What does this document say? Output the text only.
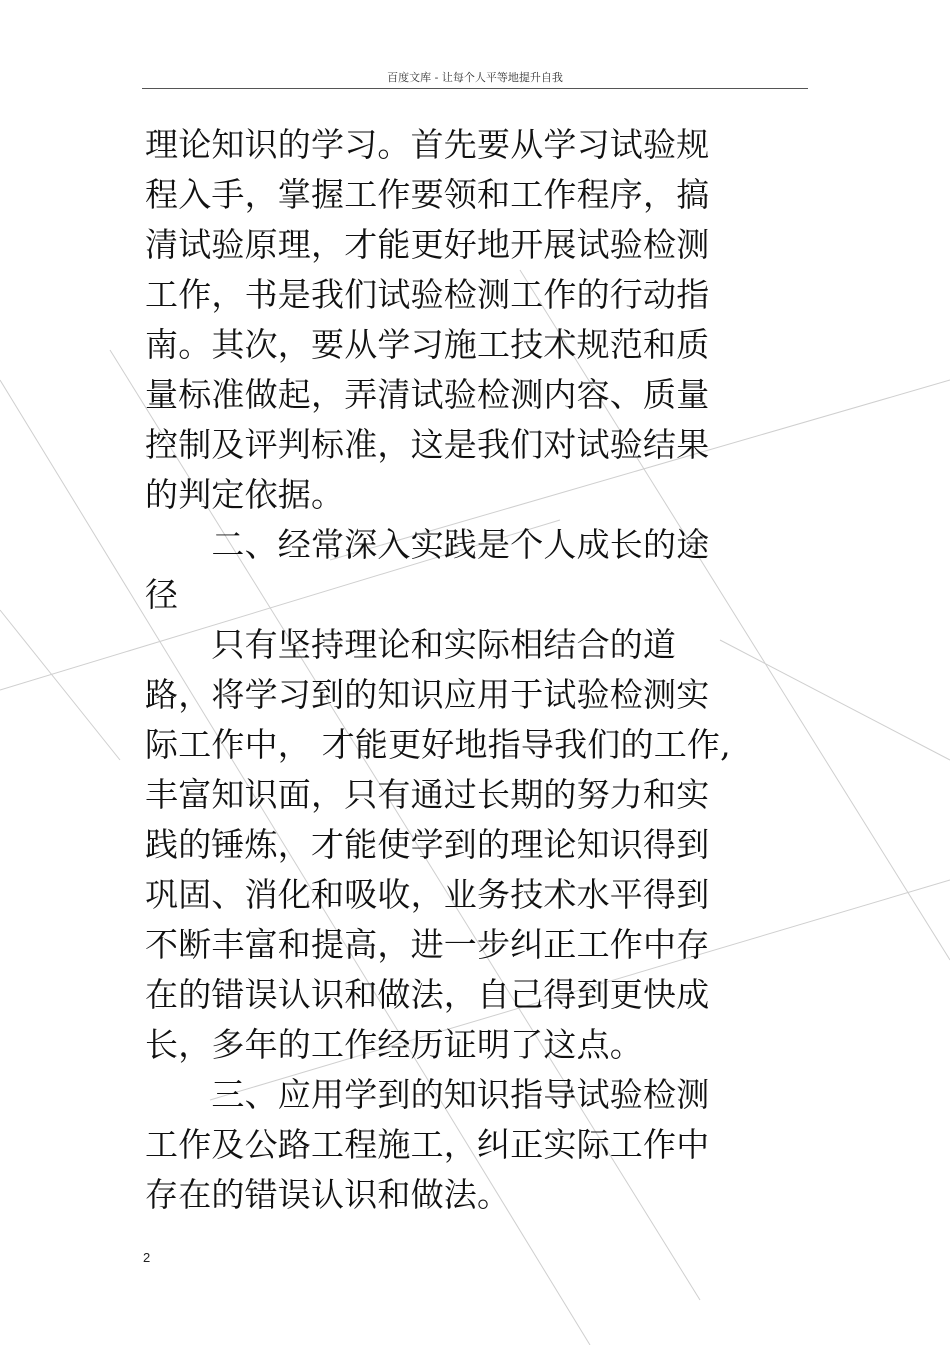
百度文库 - 让每个人平等地提升自我
理论知识的学习。首先要从学习试验规
程入手，掌握工作要领和工作程序，搞
清试验原理，才能更好地开展试验检测
工作，书是我们试验检测工作的行动指
南。其次，要从学习施工技术规范和质
量标准做起，弄清试验检测内容、质量
控制及评判标准，这是我们对试验结果
的判定依据。
　　二、经常深入实践是个人成长的途
径
　　只有坚持理论和实际相结合的道
路，将学习到的知识应用于试验检测实
际工作中， 才能更好地指导我们的工作,
丰富知识面，只有通过长期的努力和实
践的锤炼，才能使学到的理论知识得到
巩固、消化和吸收，业务技术水平得到
不断丰富和提高，进一步纠正工作中存
在的错误认识和做法，自己得到更快成
长，多年的工作经历证明了这点。
　　三、应用学到的知识指导试验检测
工作及公路工程施工，纠正实际工作中
存在的错误认识和做法。
2
